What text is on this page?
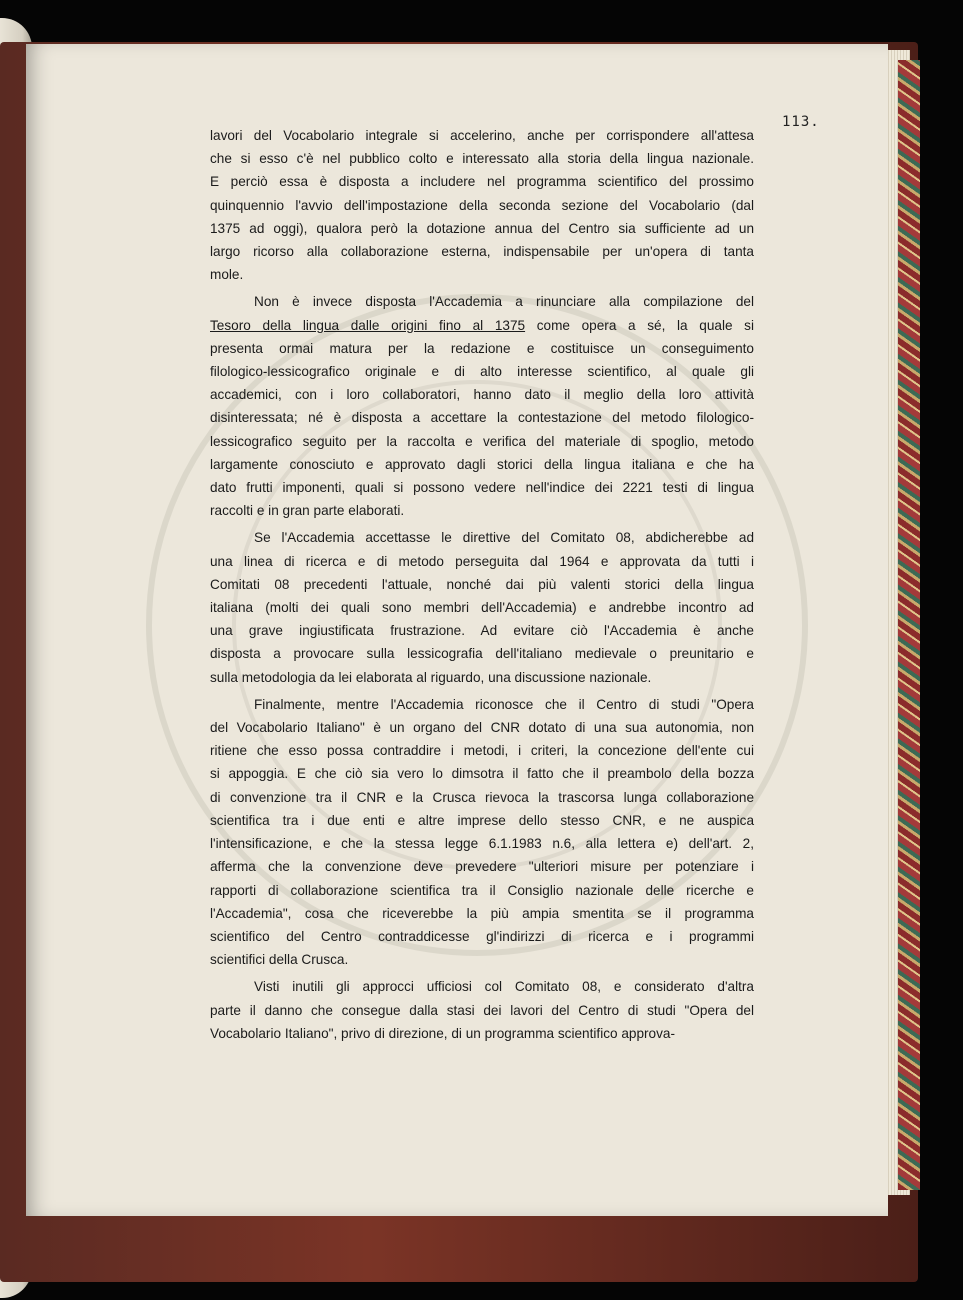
113.

lavori del Vocabolario integrale si accelerino, anche per corrispondere all'attesa
che si esso c'è nel pubblico colto e interessato alla storia della lingua nazionale.
E perciò essa è disposta a includere nel programma scientifico del prossimo
quinquennio l'avvio dell'impostazione della seconda sezione del Vocabolario (dal
1375 ad oggi), qualora però la dotazione annua del Centro sia sufficiente ad un
largo ricorso alla collaborazione esterna, indispensabile per un'opera di tanta
mole.

Non è invece disposta l'Accademia a rinunciare alla compilazione del
Tesoro della lingua dalle origini fino al 1375 come opera a sé, la quale si
presenta ormai matura per la redazione e costituisce un conseguimento
filologico-lessicografico originale e di alto interesse scientifico, al quale gli
accademici, con i loro collaboratori, hanno dato il meglio della loro attività
disinteressata; né è disposta a accettare la contestazione del metodo filologico-
lessicografico seguito per la raccolta e verifica del materiale di spoglio, metodo
largamente conosciuto e approvato dagli storici della lingua italiana e che ha
dato frutti imponenti, quali si possono vedere nell'indice dei 2221 testi di lingua
raccolti e in gran parte elaborati.

Se l'Accademia accettasse le direttive del Comitato 08, abdicherebbe ad
una linea di ricerca e di metodo perseguita dal 1964 e approvata da tutti i
Comitati 08 precedenti l'attuale, nonché dai più valenti storici della lingua
italiana (molti dei quali sono membri dell'Accademia) e andrebbe incontro ad
una grave ingiustificata frustrazione. Ad evitare ciò l'Accademia è anche
disposta a provocare sulla lessicografia dell'italiano medievale o preunitario e
sulla metodologia da lei elaborata al riguardo, una discussione nazionale.

Finalmente, mentre l'Accademia riconosce che il Centro di studi "Opera
del Vocabolario Italiano" è un organo del CNR dotato di una sua autonomia, non
ritiene che esso possa contraddire i metodi, i criteri, la concezione dell'ente cui
si appoggia. E che ciò sia vero lo dimsotra il fatto che il preambolo della bozza
di convenzione tra il CNR e la Crusca rievoca la trascorsa lunga collaborazione
scientifica tra i due enti e altre imprese dello stesso CNR, e ne auspica
l'intensificazione, e che la stessa legge 6.1.1983 n.6, alla lettera e) dell'art. 2,
afferma che la convenzione deve prevedere "ulteriori misure per potenziare i
rapporti di collaborazione scientifica tra il Consiglio nazionale delle ricerche e
l'Accademia", cosa che riceverebbe la più ampia smentita se il programma
scientifico del Centro contraddicesse gl'indirizzi di ricerca e i programmi
scientifici della Crusca.

Visti inutili gli approcci ufficiosi col Comitato 08, e considerato d'altra
parte il danno che consegue dalla stasi dei lavori del Centro di studi "Opera del
Vocabolario Italiano", privo di direzione, di un programma scientifico approva-
